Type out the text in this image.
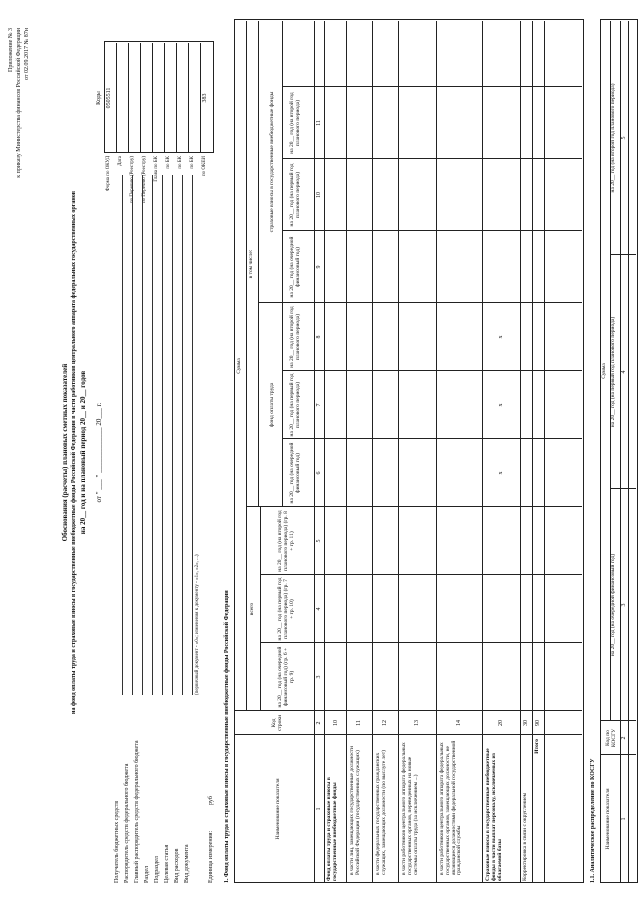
Приложение № 3 к приказу Министерства финансов Российской Федерации от 02.09.2017 № 87н
Обоснования (расчеты) плановых сметных показателей на фонд оплаты труда и страховые взносы в государственные внебюджетные фонды Российской Федерации в части работников центрального аппарата федеральных государственных органов на 20__ год и на плановый период 20__ и 20__ годов от " ___ " _____________ 20___ г.
Коды 0505511	383
Форма по ОКУД Дата по Перечню (Реестру) по Перечню (Реестру) Глава по БК по БК по БК по БК по ОКЕИ
Получатель бюджетных средств Распорядитель средств федерального бюджета Главный распорядитель средств федерального бюджета Раздел Подраздел Целевая статья Вид расходов Вид документа
(первичный документ - «0»; изменения к документу - «1», «2», ...)
Единица измерения:
руб 1. Фонд оплаты труда и страховые взносы в государственные внебюджетные фонды Российской Федерации	Наименование показателя
Код строки
Сумма
всего
в том числе:
фонд оплаты труда
страховые взносы в государственные внебюджетные фонды
на 20__ год (на очередной финансовый год) (гр. 6 + гр. 9)
на 20__ год (на первый год планового периода) (гр. 7 + гр. 10)
на 20__ год (на второй год планового периода) (гр. 8 + гр. 11)
на 20__ год (на очередной финансовый год)
на 20__ год (на первый год планового периода)
на 20__ год (на второй год планового периода)
на 20__ год (на очередной финансовый год)
на 20__ год (на первый год планового периода)
на 20__ год (на второй год планового периода)
1
2
3
4
5
6
7
8
9
10
11
Фонд оплаты труда и страховые взносы в государственные внебюджетные фонды
10
в части лиц, замещающих государственные должности Российской Федерации (государственных служащих)
11
в части федеральных государственных гражданских служащих, замещающих должности (по выслуге лет)
12
в части работников центрального аппарата федеральных государственных органов, переведенных на новые системы оплаты труда (за исключением ...)
13
в части работников центрального аппарата федеральных государственных органов, замещающих должности, не являющиеся должностями федеральной государственной гражданской службы
14
Страховые взносы в государственные внебюджетные фонды в части выплат персоналу, исключаемых из облагаемой базы
20
x
x
x
Корректировка в связи с округлением
30
Итого
90
1.1. Аналитическое распределение по КОСГУ Наименование показателя
Код по КОСГУ
Сумма
на 20__ год (на очередной финансовый год)
на 20__ год (на первый год планового периода)
на 20__ год (на второй год планового периода)
1
2
3
4
5
